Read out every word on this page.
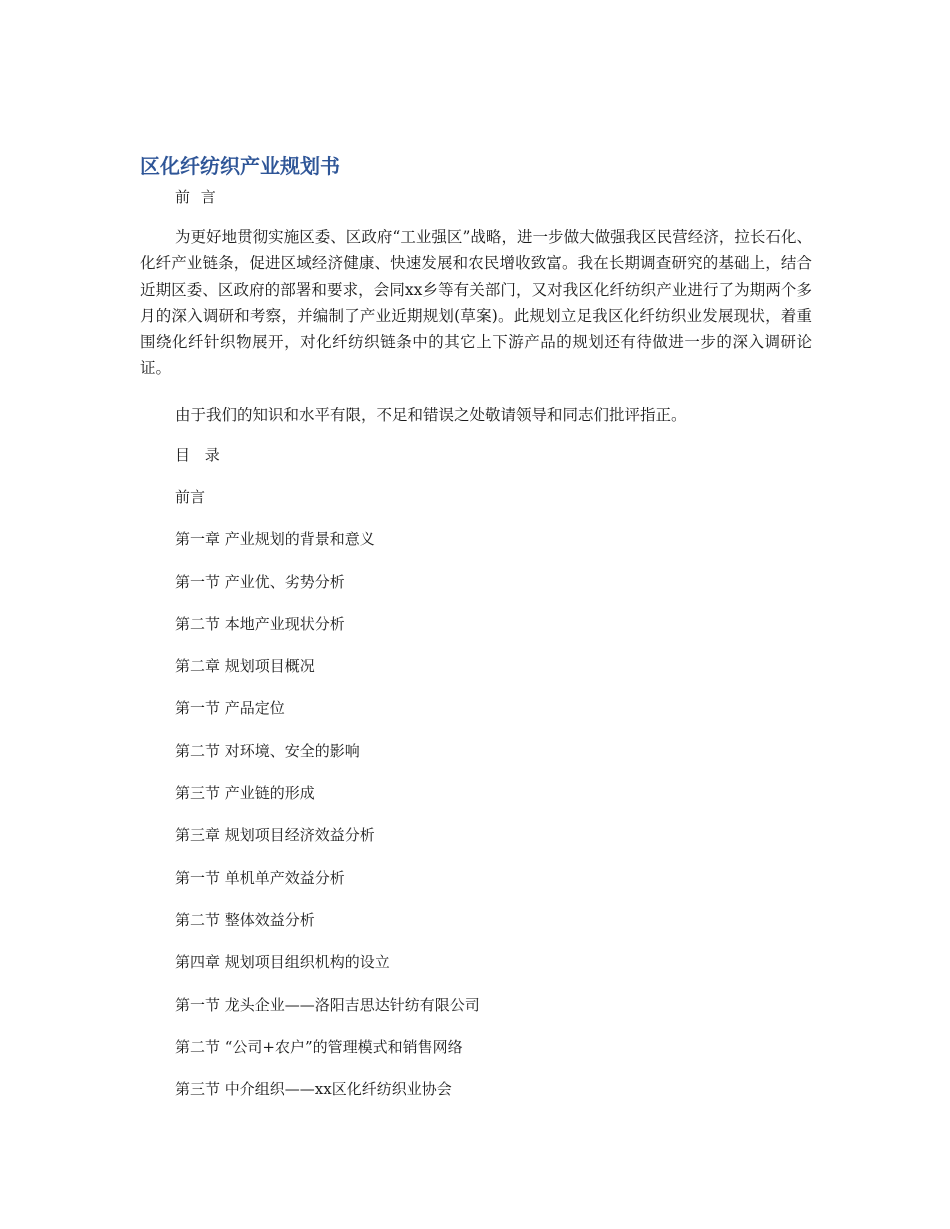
区化纤纺织产业规划书
前 言

为更好地贯彻实施区委、区政府“工业强区”战略，进一步做大做强我区民营经济，拉长石化、化纤产业链条，促进区域经济健康、快速发展和农民增收致富。我在长期调查研究的基础上，结合近期区委、区政府的部署和要求，会同xx乡等有关部门，又对我区化纤纺织产业进行了为期两个多月的深入调研和考察，并编制了产业近期规划(草案)。此规划立足我区化纤纺织业发展现状，着重围绕化纤针织物展开，对化纤纺织链条中的其它上下游产品的规划还有待做进一步的深入调研论证。

由于我们的知识和水平有限，不足和错误之处敬请领导和同志们批评指正。

目 录
前言
第一章 产业规划的背景和意义
第一节 产业优、劣势分析
第二节 本地产业现状分析
第二章 规划项目概况
第一节 产品定位
第二节 对环境、安全的影响
第三节 产业链的形成
第三章 规划项目经济效益分析
第一节 单机单产效益分析
第二节 整体效益分析
第四章 规划项目组织机构的设立
第一节 龙头企业——洛阳吉思达针纺有限公司
第二节 “公司+农户”的管理模式和销售网络
第三节 中介组织——xx区化纤纺织业协会
